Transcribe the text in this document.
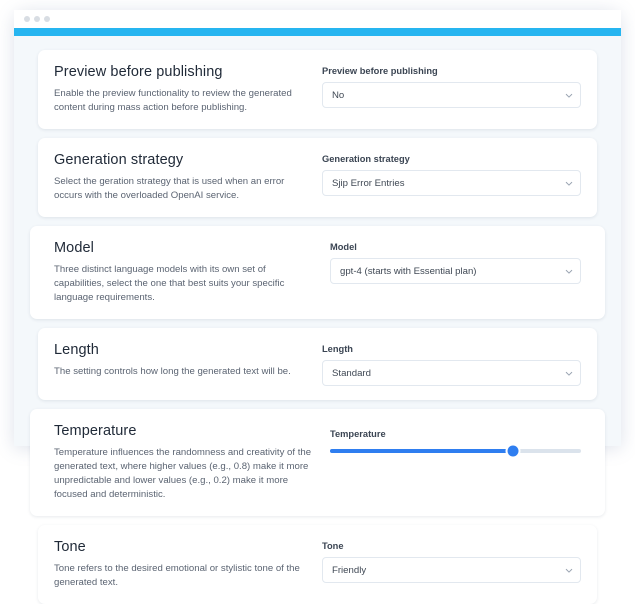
Preview before publishing

Enable the preview functionality to review the generated content during mass action before publishing.

Preview before publishing
No
Generation strategy

Select the geration strategy that is used when an error occurs with the overloaded OpenAI service.

Generation strategy
Sjip Error Entries
Model

Three distinct language models with its own set of capabilities, select the one that best suits your specific language requirements.

Model
gpt-4 (starts with Essential plan)
Length

The setting controls how long the generated text will be.

Length
Standard
Temperature

Temperature influences the randomness and creativity of the generated text, where higher values (e.g., 0.8) make it more unpredictable and lower values (e.g., 0.2) make it more focused and deterministic.

Temperature
Tone

Tone refers to the desired emotional or stylistic tone of the generated text.

Tone
Friendly
